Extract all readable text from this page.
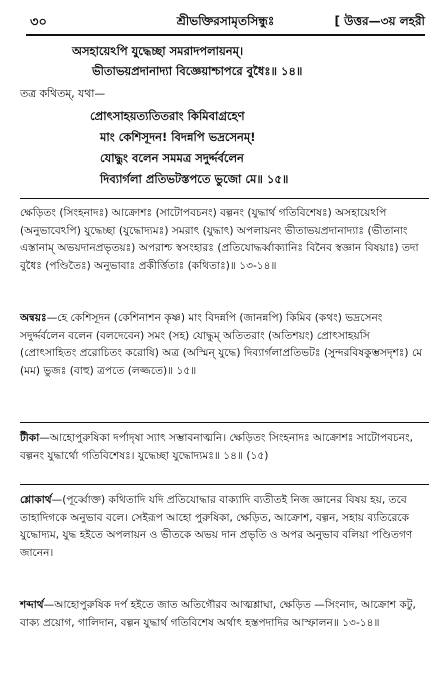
৩০	শ্রীভক্তিরসামৃতসিন্ধুঃ	[ উত্তর—৩য় লহরী
অসহায়েঽপি যুদ্ধেচ্ছা সমরাদপলায়নম্‌।
ভীতাভয়প্রদানাদ্যা বিজ্ঞেয়াশ্চাপরে বুধৈঃ॥ ১৪॥
তত্র কথিতম্‌, যথা—
প্রোৎসাহয়ত্যতিতরাং কিমিবাগ্রহেণ
মাং কেশিসূদন! বিদন্নপি ভদ্রসেনম্‌!
যোদ্ধুং বলেন সমমত্র সদুর্দ্দর্বলেন
দিব্যার্গলা প্রতিভটস্তপতে ভুজো মে॥ ১৫॥

ক্ষেড়িতং (সিংহনাদঃ) আক্রোশঃ (সাটোপবচনং) বল্গনং (যুদ্ধার্থ গতিবিশেষঃ) অসহায়েঽপি (অনুভাবেঽপি) যুদ্ধেচ্ছা (যুদ্ধোদ্যমঃ) সমরাৎ (যুদ্ধাৎ) অপলায়নং ভীতাভয়প্রদানাদ্যাঃ (ভীতানাং এস্তানাম্‌ অভয়দানপ্রভৃতয়ঃ) অপরাশ্চ স্বসংহারঃ (প্রতিযোদ্ধর্ব্বাক্যানিঃ বিনৈব স্বজ্ঞান বিষয়াঃ) তদা বুধৈঃ (পণ্ডিতৈঃ) অনুভাবাঃ প্রকীর্ত্তিতাঃ (কথিতাঃ)॥ ১৩-১৪॥

অন্বয়ঃ—হে কেশিসূদন (কেশিনাশন কৃষ্ণ) মাং বিদন্নপি (জানন্নপি) কিমিব (কথং) ভদ্রসেনং সদুর্দ্দর্বলেন বলেন (বলদেবেন) সমং (সহ) যোদ্ধুম্‌ অতিতরাং (অতিশয়ং) প্রোৎসাহয়সি (প্রোৎসাহিতং প্ররোচিতং করোষি) অত্র (অস্মিন্‌ যুদ্ধে) দিব্যার্গলাপ্রতিভটঃ (সুন্দরবিষকুম্ভসদৃশঃ) মে (মম) ভুজঃ (বাহু) ত্রপতে (লজ্জতে)॥ ১৫॥

টীকা—আহোপুরুষিকা দর্পাদৃষা স্যাৎ সম্ভাবনাত্মনি। ক্ষেড়িতং সিংহনাদঃ আক্রোশঃ সাটোপবচনং, বল্গনং যুদ্ধার্থো গতিবিশেষঃ। যুদ্ধেচ্ছা যুদ্ধোদ্যমঃ॥ ১৪॥ (১৫)

শ্লোকার্থ—(পূর্ব্বোক্ত) কথিতাদি যদি প্রতিযোদ্ধার বাক্যাদি ব্যতীতই নিজ জ্ঞানের বিষয় হয়, তবে তাহাদিগকে অনুভাব বলে। সেইরূপ আহো পুরুষিকা, ক্ষেড়িত, আক্রোশ, বল্গন, সহায় ব্যতিরেকে যুদ্ধোদ্যম, যুদ্ধ হইতে অপলায়ন ও ভীতকে অভয় দান প্রভৃতি ও অপর অনুভাব বলিয়া পণ্ডিতগণ জানেন।

শব্দার্থ—আহোপুরুষিক দর্প হইতে জাত অতিগৌরব আত্মশ্লাঘা, ক্ষেড়িত —সিংনাদ, আক্রোশ কটু, বাক্য প্রয়োগ, গালিদান, বল্গন যুদ্ধার্থ গতিবিশেষ অর্থাৎ হস্তপদাদির আস্ফালন॥ ১৩-১৪॥
